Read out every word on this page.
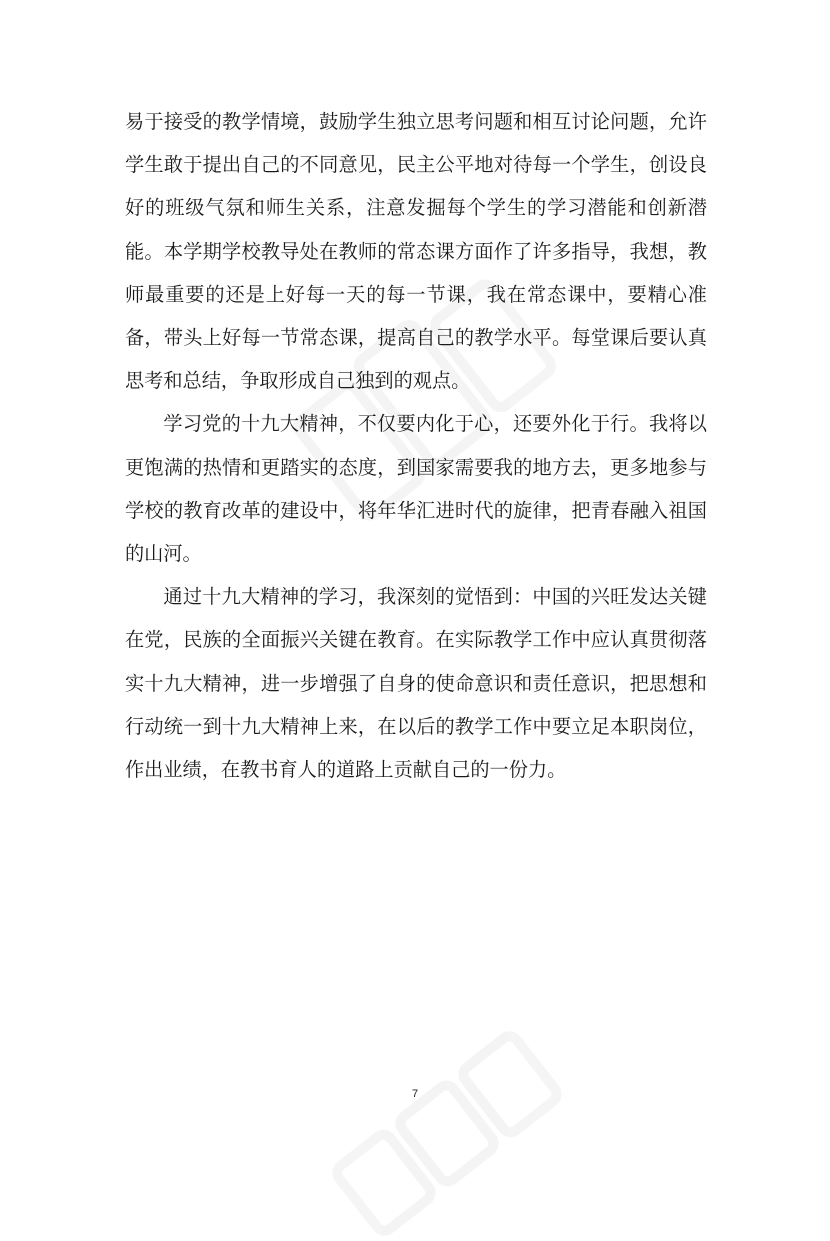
易于接受的教学情境，鼓励学生独立思考问题和相互讨论问题，允许学生敢于提出自己的不同意见，民主公平地对待每一个学生，创设良好的班级气氛和师生关系，注意发掘每个学生的学习潜能和创新潜能。本学期学校教导处在教师的常态课方面作了许多指导，我想，教师最重要的还是上好每一天的每一节课，我在常态课中，要精心准备，带头上好每一节常态课，提高自己的教学水平。每堂课后要认真思考和总结，争取形成自己独到的观点。

学习党的十九大精神，不仅要内化于心，还要外化于行。我将以更饱满的热情和更踏实的态度，到国家需要我的地方去，更多地参与学校的教育改革的建设中，将年华汇进时代的旋律，把青春融入祖国的山河。

通过十九大精神的学习，我深刻的觉悟到：中国的兴旺发达关键在党，民族的全面振兴关键在教育。在实际教学工作中应认真贯彻落实十九大精神，进一步增强了自身的使命意识和责任意识，把思想和行动统一到十九大精神上来，在以后的教学工作中要立足本职岗位，作出业绩，在教书育人的道路上贡献自己的一份力。

7
